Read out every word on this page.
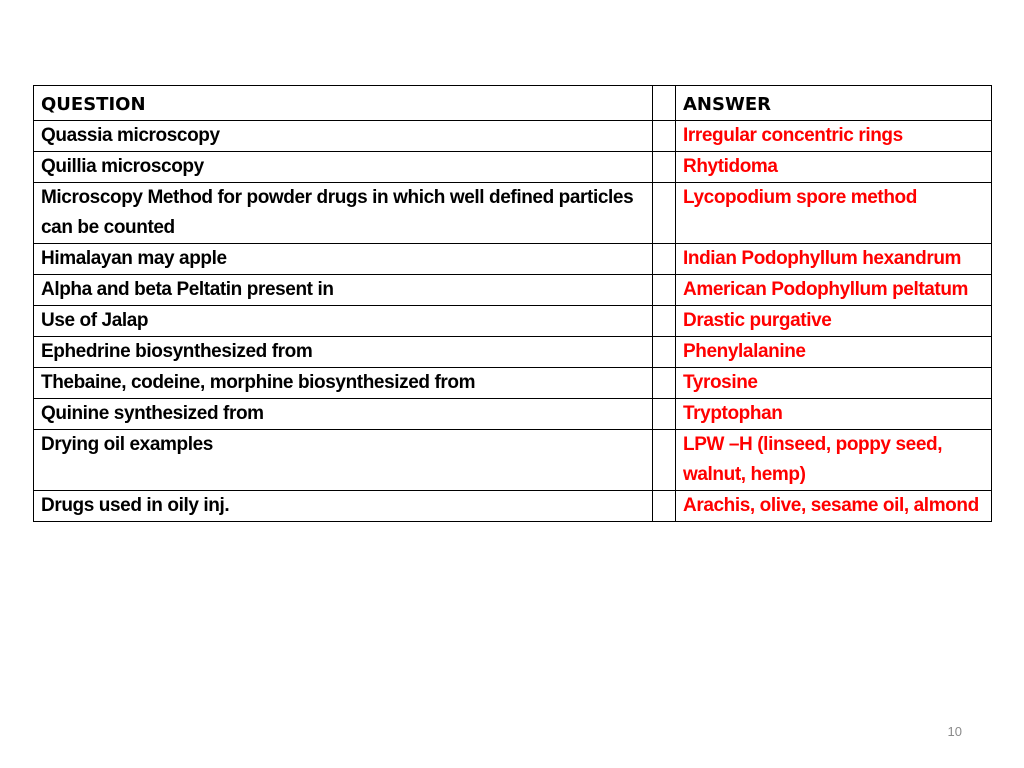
QUESTION		ANSWER
Quassia microscopy		Irregular concentric rings
Quillia microscopy		Rhytidoma
Microscopy Method for powder drugs in which well defined particles can be counted		Lycopodium spore method
Himalayan may apple		Indian Podophyllum hexandrum
Alpha and beta Peltatin present in		American Podophyllum peltatum
Use of Jalap		Drastic purgative
Ephedrine biosynthesized from		Phenylalanine
Thebaine, codeine, morphine biosynthesized from		Tyrosine
Quinine synthesized from		Tryptophan
Drying oil examples		LPW –H (linseed, poppy seed, walnut, hemp)
Drugs used in oily inj.		Arachis, olive, sesame oil, almond
10
